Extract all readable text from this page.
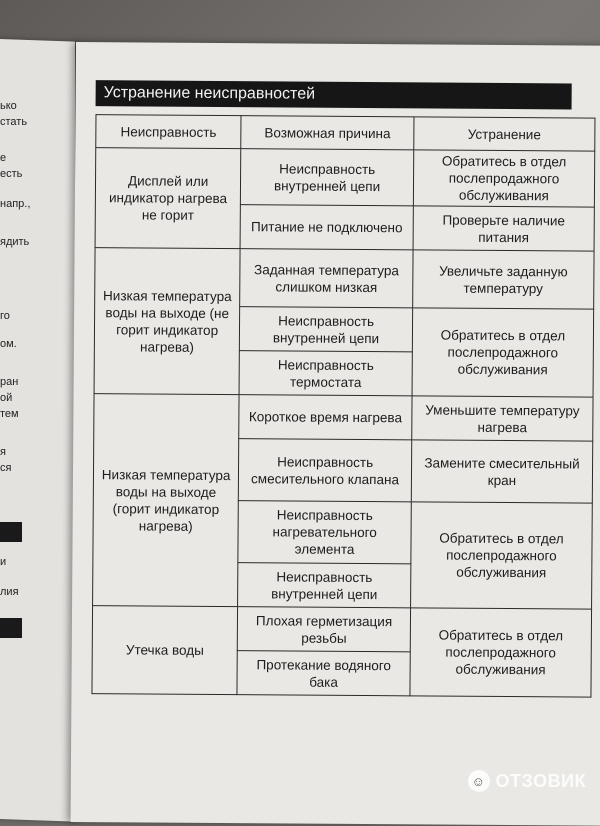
ько
стать
е
есть
напр.,
ядить
го
ом.
ран
ой
тем
я
ся
и
лия
Устранение неисправностей
Неисправность	Возможная причина	Устранение
Дисплей или индикатор нагрева не горит	Неисправность внутренней цепи	Обратитесь в отдел послепродажного обслуживания
	Питание не подключено	Проверьте наличие питания
Низкая температура воды на выходе (не горит индикатор нагрева)	Заданная температура слишком низкая	Увеличьте заданную температуру
	Неисправность внутренней цепи	Обратитесь в отдел послепродажного обслуживания
	Неисправность термостата	
Низкая температура воды на выходе (горит индикатор нагрева)	Короткое время нагрева	Уменьшите температуру нагрева
	Неисправность смесительного клапана	Замените смесительный кран
	Неисправность нагревательного элемента	Обратитесь в отдел послепродажного обслуживания
	Неисправность внутренней цепи	
Утечка воды	Плохая герметизация резьбы	Обратитесь в отдел послепродажного обслуживания
	Протекание водяного бака	
☺ ОТЗОВИК
